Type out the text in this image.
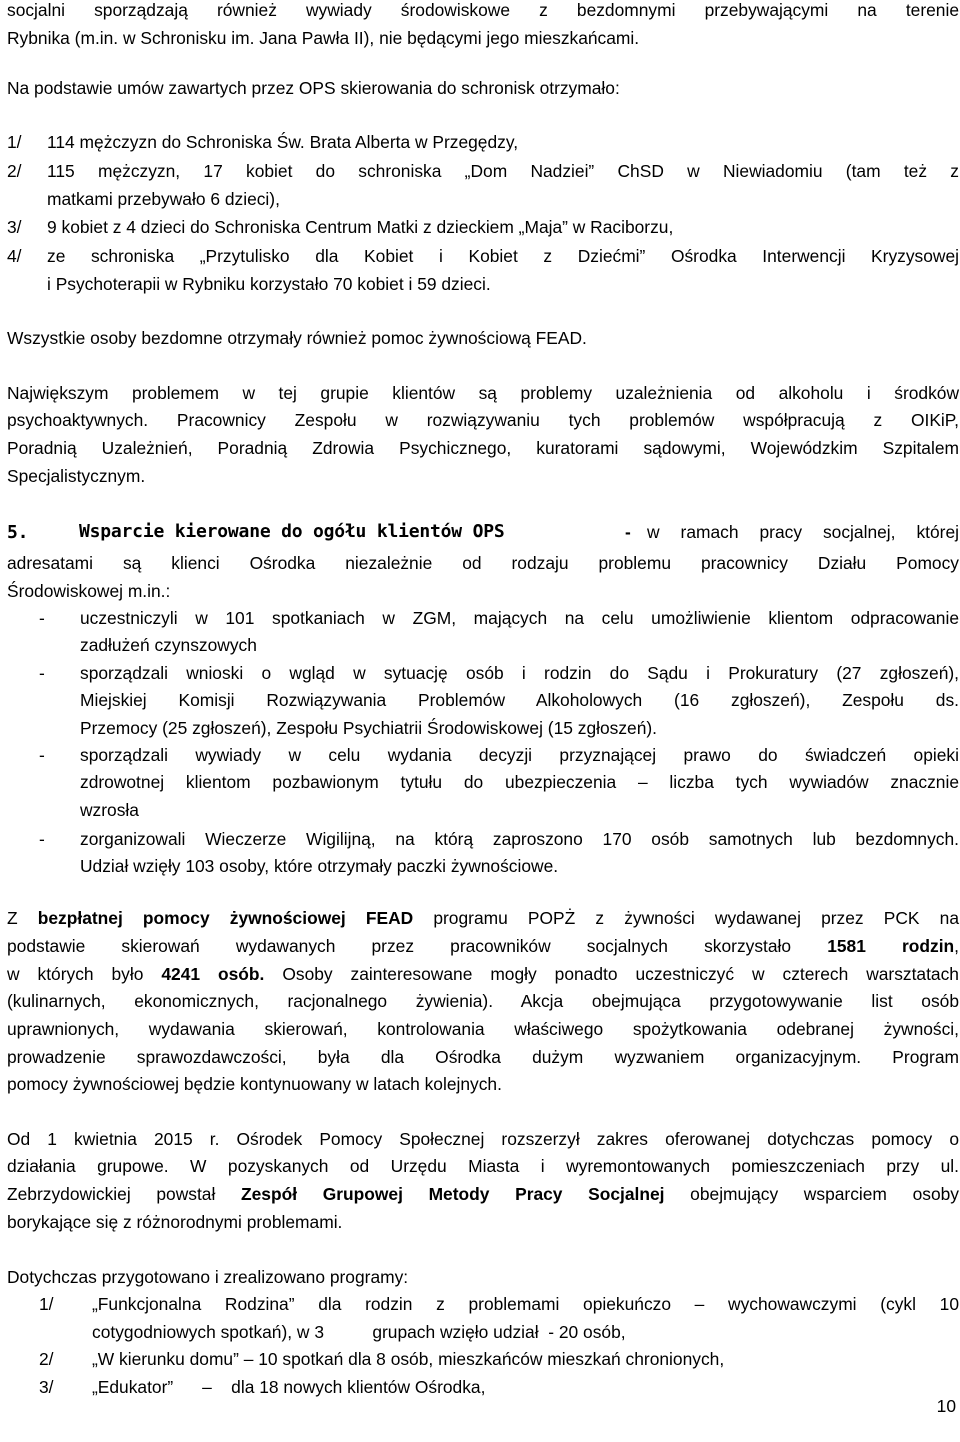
socjalni sporządzają również wywiady środowiskowe z bezdomnymi przebywającymi na terenie
Rybnika (m.in. w Schronisku im. Jana Pawła II), nie będącymi jego mieszkańcami.
Na podstawie umów zawartych przez OPS skierowania do schronisk otrzymało:
1/ 114 mężczyzn do Schroniska Św. Brata Alberta w Przegędzy,
2/ 115 mężczyzn, 17 kobiet do schroniska „Dom Nadziei” ChSD w Niewiadomiu (tam też z
matkami przebywało 6 dzieci),
3/ 9 kobiet z 4 dzieci do Schroniska Centrum Matki z dzieckiem „Maja” w Raciborzu,
4/ ze schroniska „Przytulisko dla Kobiet i Kobiet z Dziećmi” Ośrodka Interwencji Kryzysowej
i Psychoterapii w Rybniku korzystało 70 kobiet i 59 dzieci.
Wszystkie osoby bezdomne otrzymały również pomoc żywnościową FEAD.
Największym problemem w tej grupie klientów są problemy uzależnienia od alkoholu i środków
psychoaktywnych. Pracownicy Zespołu w rozwiązywaniu tych problemów współpracują z OIKiP,
Poradnią Uzależnień, Poradnią Zdrowia Psychicznego, kuratorami sądowymi, Wojewódzkim Szpitalem
Specjalistycznym.
5.	Wsparcie kierowane do ogółu klientów OPS	- w ramach pracy socjalnej, której
adresatami są klienci Ośrodka niezależnie od rodzaju problemu pracownicy Działu Pomocy
Środowiskowej m.in.:
- uczestniczyli w 101 spotkaniach w ZGM, mających na celu umożliwienie klientom odpracowanie
zadłużeń czynszowych
- sporządzali wnioski o wgląd w sytuację osób i rodzin do Sądu i Prokuratury (27 zgłoszeń),
Miejskiej Komisji Rozwiązywania Problemów Alkoholowych (16 zgłoszeń), Zespołu ds.
Przemocy (25 zgłoszeń), Zespołu Psychiatrii Środowiskowej (15 zgłoszeń).
- sporządzali wywiady w celu wydania decyzji przyznającej prawo do świadczeń opieki
zdrowotnej klientom pozbawionym tytułu do ubezpieczenia – liczba tych wywiadów znacznie
wzrosła
- zorganizowali Wieczerze Wigilijną, na którą zaproszono 170 osób samotnych lub bezdomnych.
Udział wzięły 103 osoby, które otrzymały paczki żywnościowe.
Z bezpłatnej pomocy żywnościowej FEAD programu POPŻ z żywności wydawanej przez PCK na
podstawie skierowań wydawanych przez pracowników socjalnych skorzystało 1581 rodzin,
w których było 4241 osób. Osoby zainteresowane mogły ponadto uczestniczyć w czterech warsztatach
(kulinarnych, ekonomicznych, racjonalnego żywienia). Akcja obejmująca przygotowywanie list osób
uprawnionych, wydawania skierowań, kontrolowania właściwego spożytkowania odebranej żywności,
prowadzenie sprawozdawczości, była dla Ośrodka dużym wyzwaniem organizacyjnym. Program
pomocy żywnościowej będzie kontynuowany w latach kolejnych.
Od 1 kwietnia 2015 r. Ośrodek Pomocy Społecznej rozszerzył zakres oferowanej dotychczas pomocy o
działania grupowe. W pozyskanych od Urzędu Miasta i wyremontowanych pomieszczeniach przy ul.
Zebrzydowickiej powstał Zespół Grupowej Metody Pracy Socjalnej obejmujący wsparciem osoby
borykające się z różnorodnymi problemami.
Dotychczas przygotowano i zrealizowano programy:
1/ „Funkcjonalna Rodzina” dla rodzin z problemami opiekuńczo – wychowawczymi (cykl 10
cotygodniowych spotkań), w 3          grupach wzięło udział  - 20 osób,
2/ „W kierunku domu” – 10 spotkań dla 8 osób, mieszkańców mieszkań chronionych,
3/ „Edukator”      –    dla 18 nowych klientów Ośrodka,
10
